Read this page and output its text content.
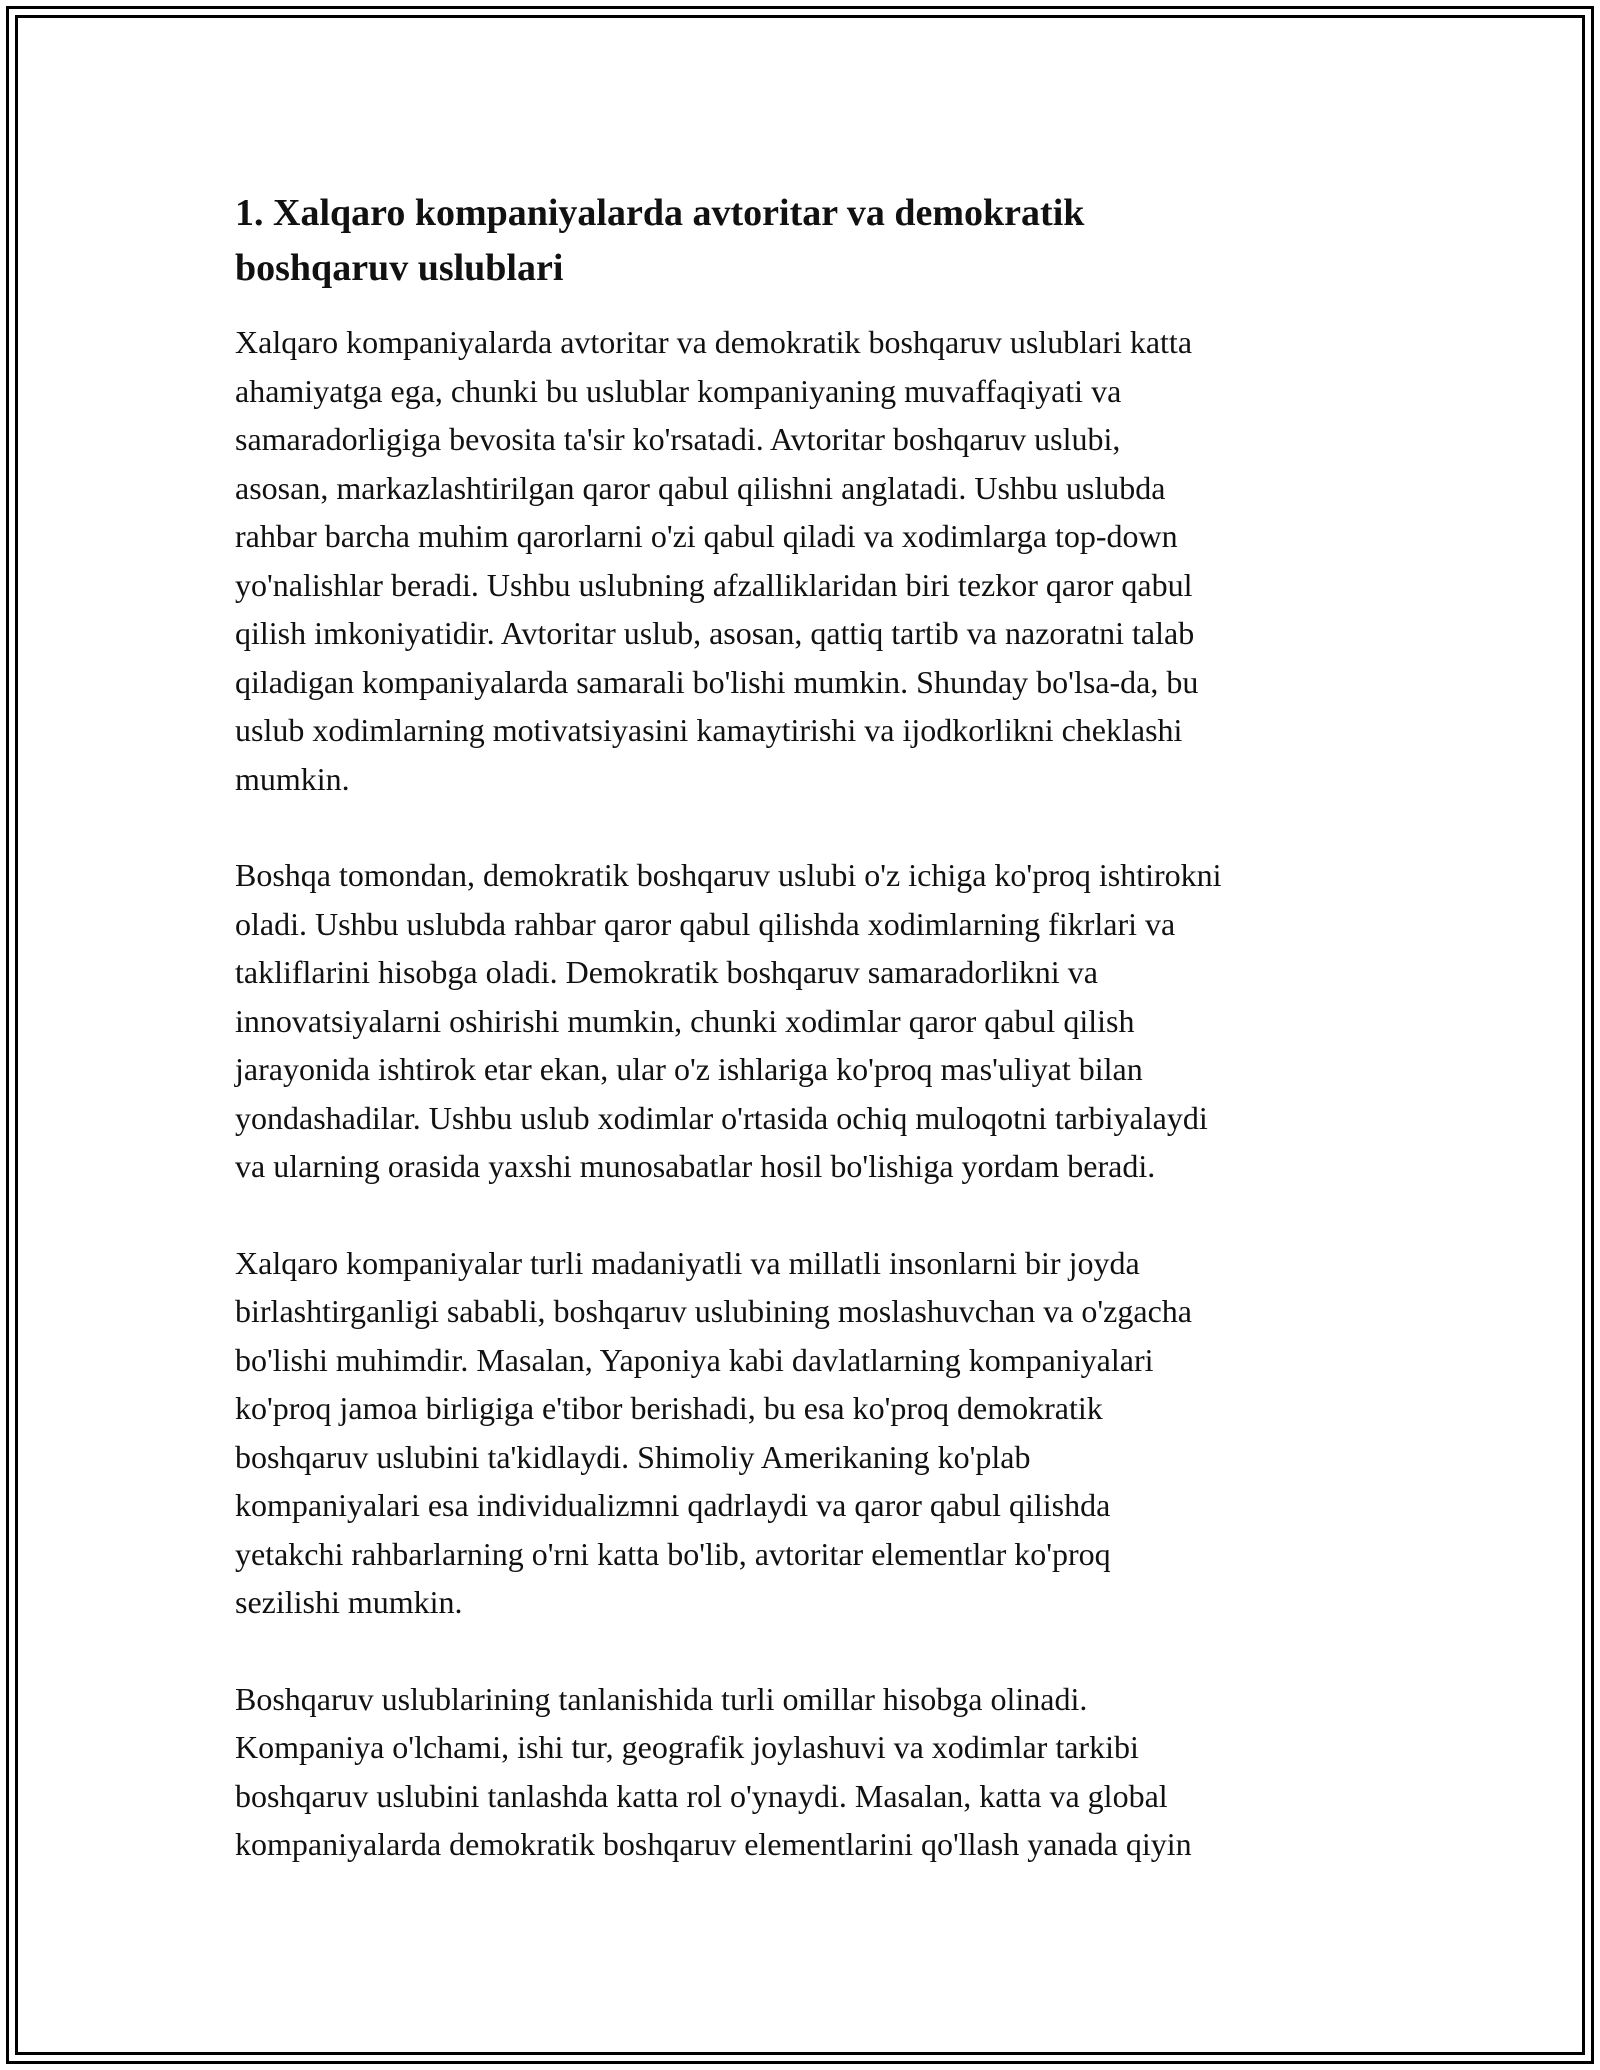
1. Xalqaro kompaniyalarda avtoritar va demokratik
boshqaruv uslublari

Xalqaro kompaniyalarda avtoritar va demokratik boshqaruv uslublari katta
ahamiyatga ega, chunki bu uslublar kompaniyaning muvaffaqiyati va
samaradorligiga bevosita ta'sir ko'rsatadi. Avtoritar boshqaruv uslubi,
asosan, markazlashtirilgan qaror qabul qilishni anglatadi. Ushbu uslubda
rahbar barcha muhim qarorlarni o'zi qabul qiladi va xodimlarga top-down
yo'nalishlar beradi. Ushbu uslubning afzalliklaridan biri tezkor qaror qabul
qilish imkoniyatidir. Avtoritar uslub, asosan, qattiq tartib va nazoratni talab
qiladigan kompaniyalarda samarali bo'lishi mumkin. Shunday bo'lsa-da, bu
uslub xodimlarning motivatsiyasini kamaytirishi va ijodkorlikni cheklashi
mumkin.

Boshqa tomondan, demokratik boshqaruv uslubi o'z ichiga ko'proq ishtirokni
oladi. Ushbu uslubda rahbar qaror qabul qilishda xodimlarning fikrlari va
takliflarini hisobga oladi. Demokratik boshqaruv samaradorlikni va
innovatsiyalarni oshirishi mumkin, chunki xodimlar qaror qabul qilish
jarayonida ishtirok etar ekan, ular o'z ishlariga ko'proq mas'uliyat bilan
yondashadilar. Ushbu uslub xodimlar o'rtasida ochiq muloqotni tarbiyalaydi
va ularning orasida yaxshi munosabatlar hosil bo'lishiga yordam beradi.

Xalqaro kompaniyalar turli madaniyatli va millatli insonlarni bir joyda
birlashtirganligi sababli, boshqaruv uslubining moslashuvchan va o'zgacha
bo'lishi muhimdir. Masalan, Yaponiya kabi davlatlarning kompaniyalari
ko'proq jamoa birligiga e'tibor berishadi, bu esa ko'proq demokratik
boshqaruv uslubini ta'kidlaydi. Shimoliy Amerikaning ko'plab
kompaniyalari esa individualizmni qadrlaydi va qaror qabul qilishda
yetakchi rahbarlarning o'rni katta bo'lib, avtoritar elementlar ko'proq
sezilishi mumkin.

Boshqaruv uslublarining tanlanishida turli omillar hisobga olinadi.
Kompaniya o'lchami, ishi tur, geografik joylashuvi va xodimlar tarkibi
boshqaruv uslubini tanlashda katta rol o'ynaydi. Masalan, katta va global
kompaniyalarda demokratik boshqaruv elementlarini qo'llash yanada qiyin
